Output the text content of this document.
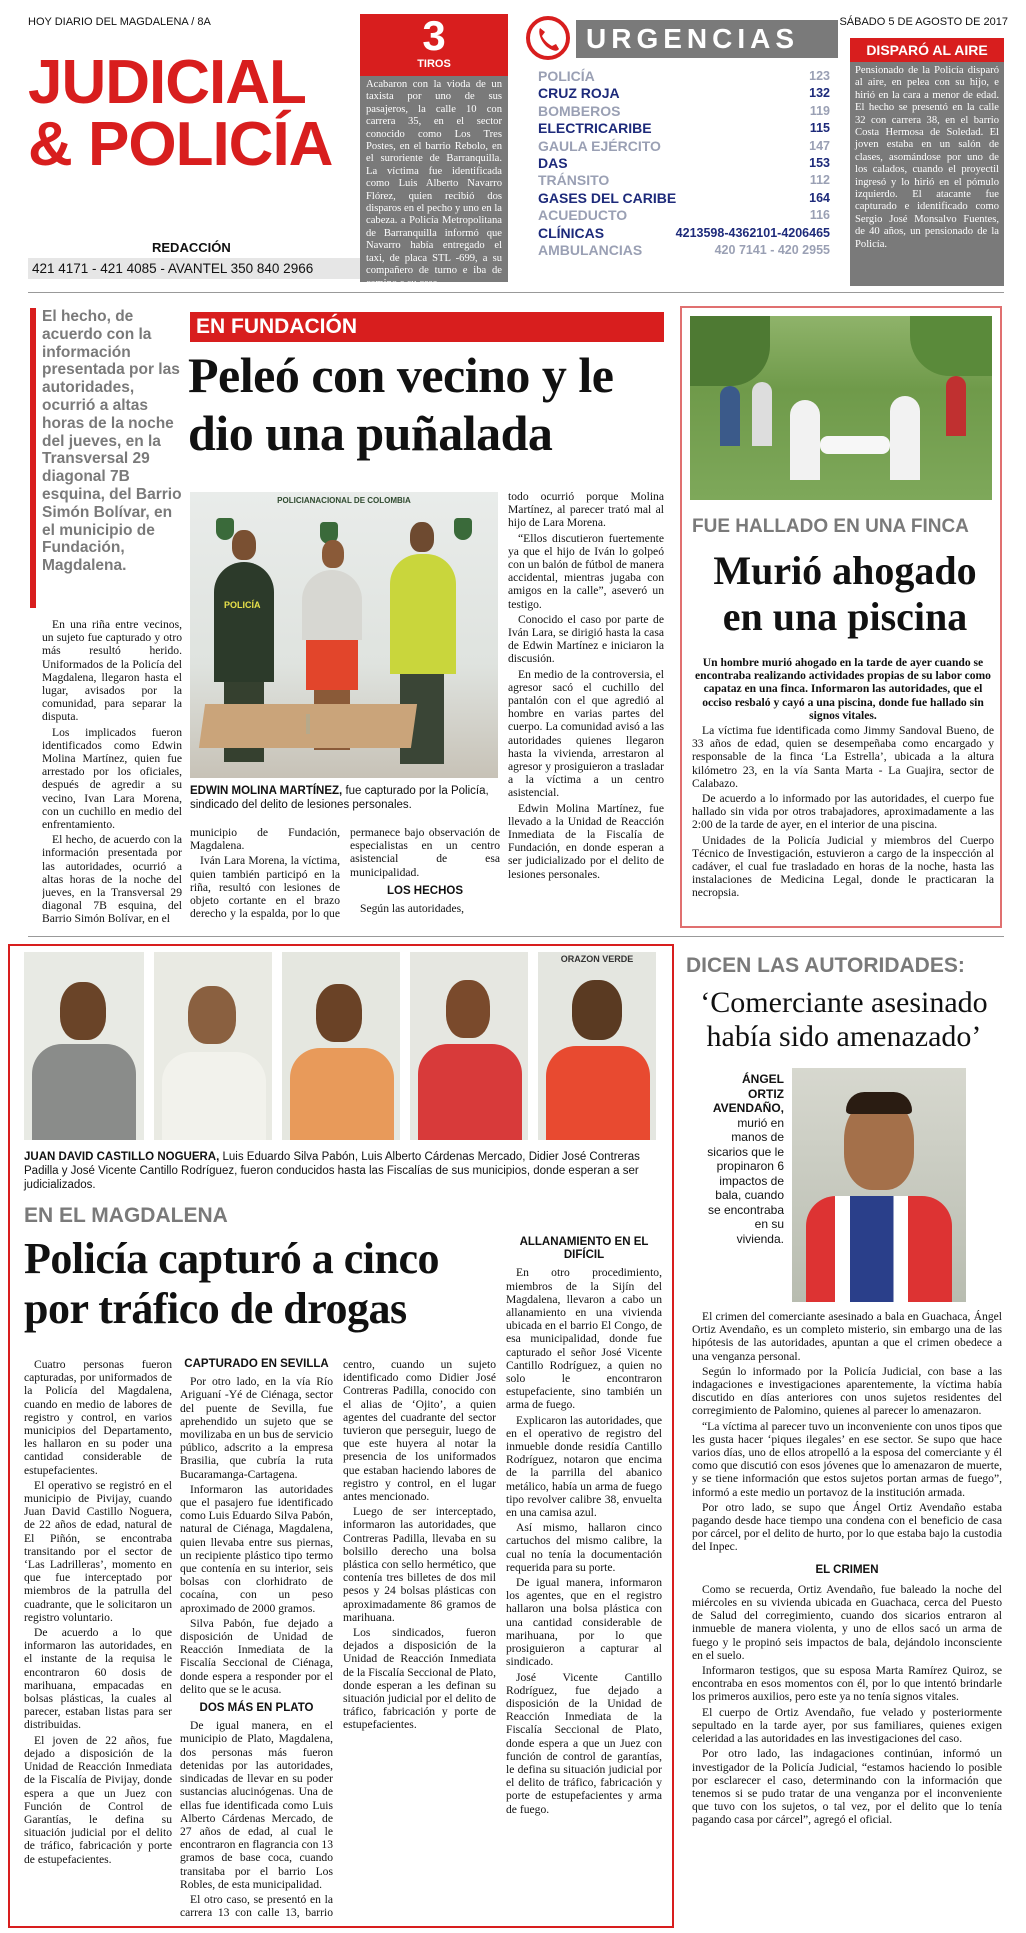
HOY DIARIO DEL MAGDALENA / 8A	SÁBADO 5 DE AGOSTO DE 2017
JUDICIAL
& POLICÍA
REDACCIÓN
421 4171 - 421 4085 - AVANTEL 350 840 2966
3
TIROS
Acabaron con la vioda de un taxista por uno de sus pasajeros, la calle 10 con carrera 35, en el sector conocido como Los Tres Postes, en el barrio Rebolo, en el suroriente de Barranquilla. La víctima fue identificada como Luis Alberto Navarro Flórez, quien recibió dos disparos en el pecho y uno en la cabeza. a Policía Metropolitana de Barranquilla informó que Navarro había entregado el taxi, de placa STL -699, a su compañero de turno e iba de camino a su casa.
URGENCIAS
POLICÍA	123
CRUZ ROJA	132
BOMBEROS	119
ELECTRICARIBE	115
GAULA EJÉRCITO	147
DAS	153
TRÁNSITO	112
GASES DEL CARIBE	164
ACUEDUCTO	116
CLÍNICAS	4213598-4362101-4206465
AMBULANCIAS	420 7141 - 420 2955
DISPARÓ AL AIRE
Pensionado de la Policía disparó al aire, en pelea con su hijo, e hirió en la cara a menor de edad. El hecho se presentó en la calle 32 con carrera 38, en el barrio Costa Hermosa de Soledad. El joven estaba en un salón de clases, asomándose por uno de los calados, cuando el proyectil ingresó y lo hirió en el pómulo izquierdo. El atacante fue capturado e identificado como Sergio José Monsalvo Fuentes, de 40 años, un pensionado de la Policía.
El hecho, de acuerdo con la información presentada por las autoridades, ocurrió a altas horas de la noche del jueves, en la Transversal 29 diagonal 7B esquina, del Barrio Simón Bolívar, en el municipio de Fundación, Magdalena.
EN FUNDACIÓN
Peleó con vecino y le dio una puñalada

En una riña entre vecinos, un sujeto fue capturado y otro más resultó herido. Uniformados de la Policía del Magdalena, llegaron hasta el lugar, avisados por la comunidad, para separar la disputa.

Los implicados fueron identificados como Edwin Molina Martínez, quien fue arrestado por los oficiales, después de agredir a su vecino, Ivan Lara Morena, con un cuchillo en medio del enfrentamiento.

El hecho, de acuerdo con la información presentada por las autoridades, ocurrió a altas horas de la noche del jueves, en la Transversal 29 diagonal 7B esquina, del Barrio Simón Bolívar, en el

POLICIANACIONAL DE COLOMBIA
POLICÍA
EDWIN MOLINA MARTÍNEZ, fue capturado por la Policía, sindicado del delito de lesiones personales.

municipio de Fundación, Magdalena.

Iván Lara Morena, la víctima, quien también participó en la riña, resultó con lesiones de objeto cortante en el brazo derecho y la espalda, por lo que permanece bajo observación de especialistas en un centro asistencial de esa municipalidad.

LOS HECHOS

Según las autoridades,

todo ocurrió porque Molina Martínez, al parecer trató mal al hijo de Lara Morena.

“Ellos discutieron fuertemente ya que el hijo de Iván lo golpeó con un balón de fútbol de manera accidental, mientras jugaba con amigos en la calle”, aseveró un testigo.

Conocido el caso por parte de Iván Lara, se dirigió hasta la casa de Edwin Martínez e iniciaron la discusión.

En medio de la controversia, el agresor sacó el cuchillo del pantalón con el que agredió al hombre en varias partes del cuerpo. La comunidad avisó a las autoridades quienes llegaron hasta la vivienda, arrestaron al agresor y prosiguieron a trasladar a la víctima a un centro asistencial.

Edwin Molina Martínez, fue llevado a la Unidad de Reacción Inmediata de la Fiscalía de Fundación, en donde esperan a ser judicializado por el delito de lesiones personales.

FUE HALLADO EN UNA FINCA
Murió ahogado en una piscina

Un hombre murió ahogado en la tarde de ayer cuando se encontraba realizando actividades propias de su labor como capataz en una finca. Informaron las autoridades, que el occiso resbaló y cayó a una piscina, donde fue hallado sin signos vitales.

La víctima fue identificada como Jimmy Sandoval Bueno, de 33 años de edad, quien se desempeñaba como encargado y responsable de la finca ‘La Estrella’, ubicada a la altura kilómetro 23, en la vía Santa Marta - La Guajira, sector de Calabazo.

De acuerdo a lo informado por las autoridades, el cuerpo fue hallado sin vida por otros trabajadores, aproximadamente a las 2:00 de la tarde de ayer, en el interior de una piscina.

Unidades de la Policía Judicial y miembros del Cuerpo Técnico de Investigación, estuvieron a cargo de la inspección al cadáver, el cual fue trasladado en horas de la noche, hasta las instalaciones de Medicina Legal, donde le practicaran la necropsia.

ORAZON VERDE
JUAN DAVID CASTILLO NOGUERA, Luis Eduardo Silva Pabón, Luis Alberto Cárdenas Mercado, Didier José Contreras Padilla y José Vicente Cantillo Rodríguez, fueron conducidos hasta las Fiscalías de sus municipios, donde esperan a ser judicializados.
EN EL MAGDALENA
Policía capturó a cinco por tráfico de drogas

Cuatro personas fueron capturadas, por uniformados de la Policía del Magdalena, cuando en medio de labores de registro y control, en varios municipios del Departamento, les hallaron en su poder una cantidad considerable de estupefacientes.

El operativo se registró en el municipio de Pivijay, cuando Juan David Castillo Noguera, de 22 años de edad, natural de El Piñón, se encontraba transitando por el sector de ‘Las Ladrilleras’, momento en que fue interceptado por miembros de la patrulla del cuadrante, que le solicitaron un registro voluntario.

De acuerdo a lo que informaron las autoridades, en el instante de la requisa le encontraron 60 dosis de marihuana, empacadas en bolsas plásticas, la cuales al parecer, estaban listas para ser distribuidas.

El joven de 22 años, fue dejado a disposición de la Unidad de Reacción Inmediata de la Fiscalía de Pivijay, donde espera a que un Juez con Función de Control de Garantías, le defina su situación judicial por el delito de tráfico, fabricación y porte de estupefacientes.

CAPTURADO EN SEVILLA

Por otro lado, en la vía Río Ariguaní -Yé de Ciénaga, sector del puente de Sevilla, fue aprehendido un sujeto que se movilizaba en un bus de servicio público, adscrito a la empresa Brasilia, que cubría la ruta Bucaramanga-Cartagena.

Informaron las autoridades que el pasajero fue identificado como Luis Eduardo Silva Pabón, natural de Ciénaga, Magdalena, quien llevaba entre sus piernas, un recipiente plástico tipo termo que contenía en su interior, seis bolsas con clorhidrato de cocaína, con un peso aproximado de 2000 gramos.

Silva Pabón, fue dejado a disposición de Unidad de Reacción Inmediata de la Fiscalía Seccional de Ciénaga, donde espera a responder por el delito que se le acusa.

DOS MÁS EN PLATO

De igual manera, en el municipio de Plato, Magdalena, dos personas más fueron detenidas por las autoridades, sindicadas de llevar en su poder sustancias alucinógenas. Una de ellas fue identificada como Luis Alberto Cárdenas Mercado, de 27 años de edad, al cual le encontraron en flagrancia con 13 gramos de base coca, cuando transitaba por el barrio Los Robles, de esta municipalidad.

El otro caso, se presentó en la carrera 13 con calle 13, barrio centro, cuando un sujeto identificado como Didier José Contreras Padilla, conocido con el alias de ‘Ojito’, a quien agentes del cuadrante del sector tuvieron que perseguir, luego de que este huyera al notar la presencia de los uniformados que estaban haciendo labores de registro y control, en el lugar antes mencionado.

Luego de ser interceptado, informaron las autoridades, que Contreras Padilla, llevaba en su bolsillo derecho una bolsa plástica con sello hermético, que contenía tres billetes de dos mil pesos y 24 bolsas plásticas con aproximadamente 86 gramos de marihuana.

Los sindicados, fueron dejados a disposición de la Unidad de Reacción Inmediata de la Fiscalía Seccional de Plato, donde esperan a les definan su situación judicial por el delito de tráfico, fabricación y porte de estupefacientes.

ALLANAMIENTO EN EL DIFÍCIL

En otro procedimiento, miembros de la Sijín del Magdalena, llevaron a cabo un allanamiento en una vivienda ubicada en el barrio El Congo, de esa municipalidad, donde fue capturado el señor José Vicente Cantillo Rodríguez, a quien no solo le encontraron estupefaciente, sino también un arma de fuego.

Explicaron las autoridades, que en el operativo de registro del inmueble donde residía Cantillo Rodríguez, notaron que encima de la parrilla del abanico metálico, había un arma de fuego tipo revolver calibre 38, envuelta en una camisa azul.

Así mismo, hallaron cinco cartuchos del mismo calibre, la cual no tenía la documentación requerida para su porte.

De igual manera, informaron los agentes, que en el registro hallaron una bolsa plástica con una cantidad considerable de marihuana, por lo que prosiguieron a capturar al sindicado.

José Vicente Cantillo Rodríguez, fue dejado a disposición de la Unidad de Reacción Inmediata de la Fiscalía Seccional de Plato, donde espera a que un Juez con función de control de garantías, le defina su situación judicial por el delito de tráfico, fabricación y porte de estupefacientes y arma de fuego.

DICEN LAS AUTORIDADES:
‘Comerciante asesinado había sido amenazado’
ÁNGEL ORTIZ AVENDAÑO, murió en manos de sicarios que le propinaron 6 impactos de bala, cuando se encontraba en su vivienda.

El crimen del comerciante asesinado a bala en Guachaca, Ángel Ortiz Avendaño, es un completo misterio, sin embargo una de las hipótesis de las autoridades, apuntan a que el crimen obedece a una venganza personal.

Según lo informado por la Policía Judicial, con base a las indagaciones e investigaciones aparentemente, la víctima había discutido en días anteriores con unos sujetos residentes del corregimiento de Palomino, quienes al parecer lo amenazaron.

“La víctima al parecer tuvo un inconveniente con unos tipos que les gusta hacer ‘piques ilegales’ en ese sector. Se supo que hace varios días, uno de ellos atropelló a la esposa del comerciante y él como que discutió con esos jóvenes que lo amenazaron de muerte, y se tiene información que estos sujetos portan armas de fuego”, informó a este medio un portavoz de la institución armada.

Por otro lado, se supo que Ángel Ortiz Avendaño estaba pagando desde hace tiempo una condena con el beneficio de casa por cárcel, por el delito de hurto, por lo que estaba bajo la custodia del Inpec.

EL CRIMEN

Como se recuerda, Ortiz Avendaño, fue baleado la noche del miércoles en su vivienda ubicada en Guachaca, cerca del Puesto de Salud del corregimiento, cuando dos sicarios entraron al inmueble de manera violenta, y uno de ellos sacó un arma de fuego y le propinó seis impactos de bala, dejándolo inconsciente en el suelo.

Informaron testigos, que su esposa Marta Ramírez Quiroz, se encontraba en esos momentos con él, por lo que intentó brindarle los primeros auxilios, pero este ya no tenía signos vitales.

El cuerpo de Ortiz Avendaño, fue velado y posteriormente sepultado en la tarde ayer, por sus familiares, quienes exigen celeridad a las autoridades en las investigaciones del caso.

Por otro lado, las indagaciones continúan, informó un investigador de la Policía Judicial, “estamos haciendo lo posible por esclarecer el caso, determinando con la información que tenemos si se pudo tratar de una venganza por el inconveniente que tuvo con los sujetos, o tal vez, por el delito que lo tenía pagando casa por cárcel”, agregó el oficial.
